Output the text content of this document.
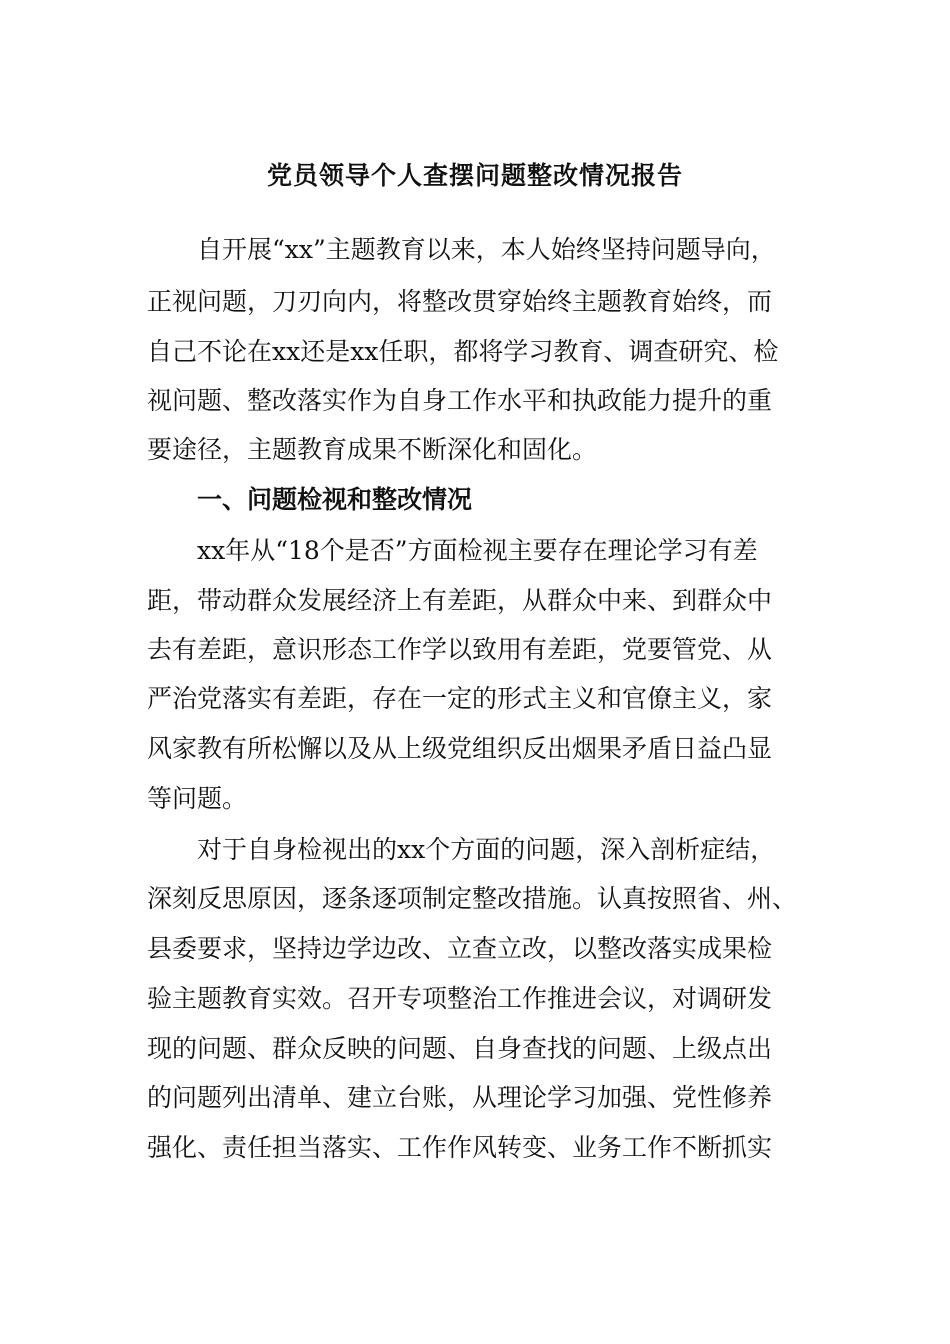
党员领导个人查摆问题整改情况报告
自开展“xx”主题教育以来，本人始终坚持问题导向，
正视问题，刀刃向内，将整改贯穿始终主题教育始终，而
自己不论在xx还是xx任职，都将学习教育、调查研究、检
视问题、整改落实作为自身工作水平和执政能力提升的重
要途径，主题教育成果不断深化和固化。
一、问题检视和整改情况
xx年从“18个是否”方面检视主要存在理论学习有差
距，带动群众发展经济上有差距，从群众中来、到群众中
去有差距，意识形态工作学以致用有差距，党要管党、从
严治党落实有差距，存在一定的形式主义和官僚主义，家
风家教有所松懈以及从上级党组织反出烟果矛盾日益凸显
等问题。
对于自身检视出的xx个方面的问题，深入剖析症结，
深刻反思原因，逐条逐项制定整改措施。认真按照省、州、
县委要求，坚持边学边改、立查立改，以整改落实成果检
验主题教育实效。召开专项整治工作推进会议，对调研发
现的问题、群众反映的问题、自身查找的问题、上级点出
的问题列出清单、建立台账，从理论学习加强、党性修养
强化、责任担当落实、工作作风转变、业务工作不断抓实
